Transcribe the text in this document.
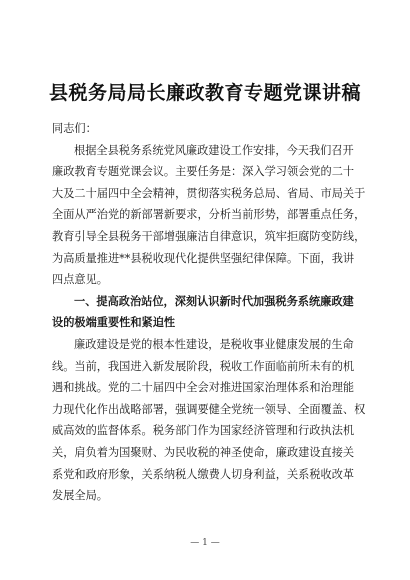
县税务局局长廉政教育专题党课讲稿
同志们：
根据全县税务系统党风廉政建设工作安排，今天我们召开
廉政教育专题党课会议。主要任务是：深入学习领会党的二十
大及二十届四中全会精神，贯彻落实税务总局、省局、市局关于
全面从严治党的新部署新要求，分析当前形势，部署重点任务，
教育引导全县税务干部增强廉洁自律意识，筑牢拒腐防变防线，
为高质量推进**县税收现代化提供坚强纪律保障。下面，我讲
四点意见。
一、提高政治站位，深刻认识新时代加强税务系统廉政建
设的极端重要性和紧迫性
廉政建设是党的根本性建设，是税收事业健康发展的生命
线。当前，我国进入新发展阶段，税收工作面临前所未有的机
遇和挑战。党的二十届四中全会对推进国家治理体系和治理能
力现代化作出战略部署，强调要健全党统一领导、全面覆盖、权
威高效的监督体系。税务部门作为国家经济管理和行政执法机
关，肩负着为国聚财、为民收税的神圣使命，廉政建设直接关
系党和政府形象，关系纳税人缴费人切身利益，关系税收改革
发展全局。
— 1 —
